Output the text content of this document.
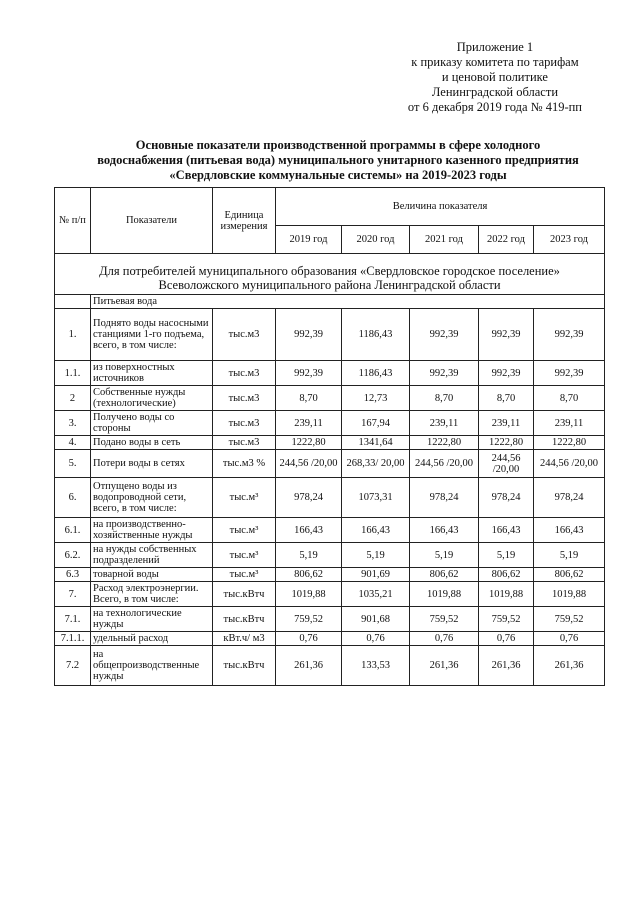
Приложение 1
к приказу комитета по тарифам
и ценовой политике
Ленинградской области
от 6 декабря 2019 года № 419-пп
Основные показатели производственной программы в сфере холодного
водоснабжения (питьевая вода) муниципального унитарного казенного предприятия
«Свердловские коммунальные системы» на 2019-2023 годы
№ п/п	Показатели	Единица измерения	Величина показателя				
			2019 год	2020 год	2021 год	2022 год	2023 год
Для потребителей муниципального образования «Свердловское городское поселение» Всеволожского муниципального района Ленинградской области							
	Питьевая вода						
1.	Поднято воды насосными станциями 1-го подъема, всего, в том числе:	тыс.м3	992,39	1186,43	992,39	992,39	992,39
1.1.	из поверхностных источников	тыс.м3	992,39	1186,43	992,39	992,39	992,39
2	Собственные нужды (технологические)	тыс.м3	8,70	12,73	8,70	8,70	8,70
3.	Получено воды со стороны	тыс.м3	239,11	167,94	239,11	239,11	239,11
4.	Подано воды в сеть	тыс.м3	1222,80	1341,64	1222,80	1222,80	1222,80
5.	Потери воды в сетях	тыс.м3 %	244,56 /20,00	268,33/ 20,00	244,56 /20,00	244,56 /20,00	244,56 /20,00
6.	Отпущено воды из водопроводной сети, всего, в том числе:	тыс.м³	978,24	1073,31	978,24	978,24	978,24
6.1.	на производственно-хозяйственные нужды	тыс.м³	166,43	166,43	166,43	166,43	166,43
6.2.	на нужды собственных подразделений	тыс.м³	5,19	5,19	5,19	5,19	5,19
6.3	товарной воды	тыс.м³	806,62	901,69	806,62	806,62	806,62
7.	Расход электроэнергии. Всего, в том числе:	тыс.кВтч	1019,88	1035,21	1019,88	1019,88	1019,88
7.1.	на технологические нужды	тыс.кВтч	759,52	901,68	759,52	759,52	759,52
7.1.1.	удельный расход	кВт.ч/ м3	0,76	0,76	0,76	0,76	0,76
7.2	на общепроизводственные нужды	тыс.кВтч	261,36	133,53	261,36	261,36	261,36
